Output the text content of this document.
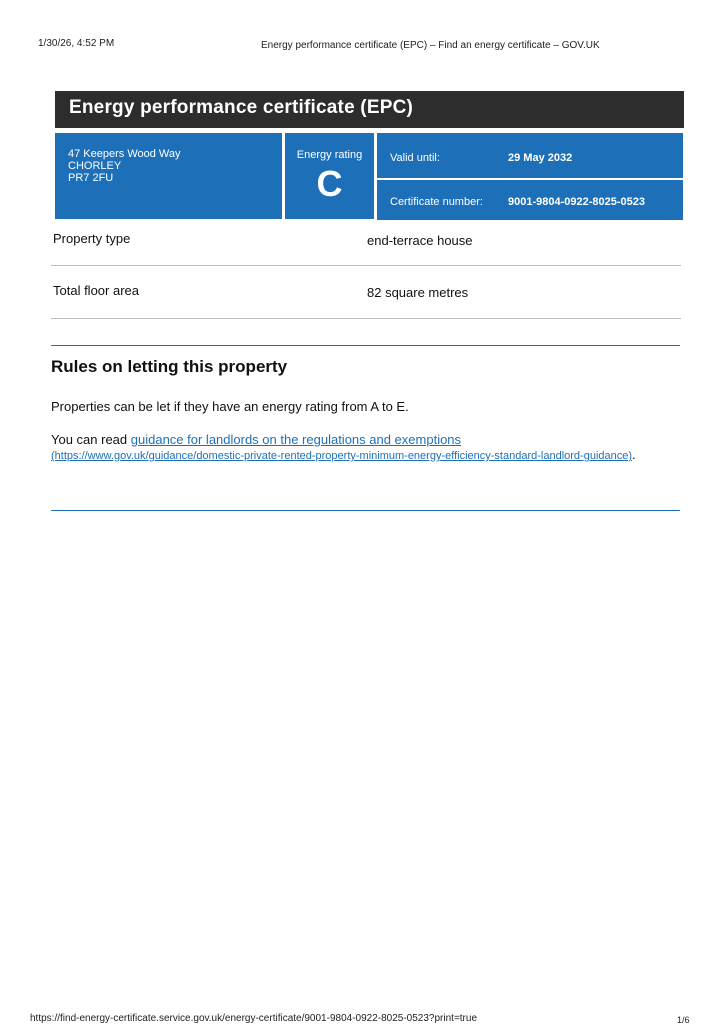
1/30/26, 4:52 PM	Energy performance certificate (EPC) – Find an energy certificate – GOV.UK
Energy performance certificate (EPC)
47 Keepers Wood Way
CHORLEY
PR7 2FU
Energy rating
C
Valid until:	29 May 2032
Certificate number: 9001-9804-0922-8025-0523
Property type	end-terrace house
Total floor area	82 square metres
Rules on letting this property
Properties can be let if they have an energy rating from A to E.
You can read guidance for landlords on the regulations and exemptions
(https://www.gov.uk/guidance/domestic-private-rented-property-minimum-energy-efficiency-standard-landlord-guidance).
https://find-energy-certificate.service.gov.uk/energy-certificate/9001-9804-0922-8025-0523?print=true	1/6
